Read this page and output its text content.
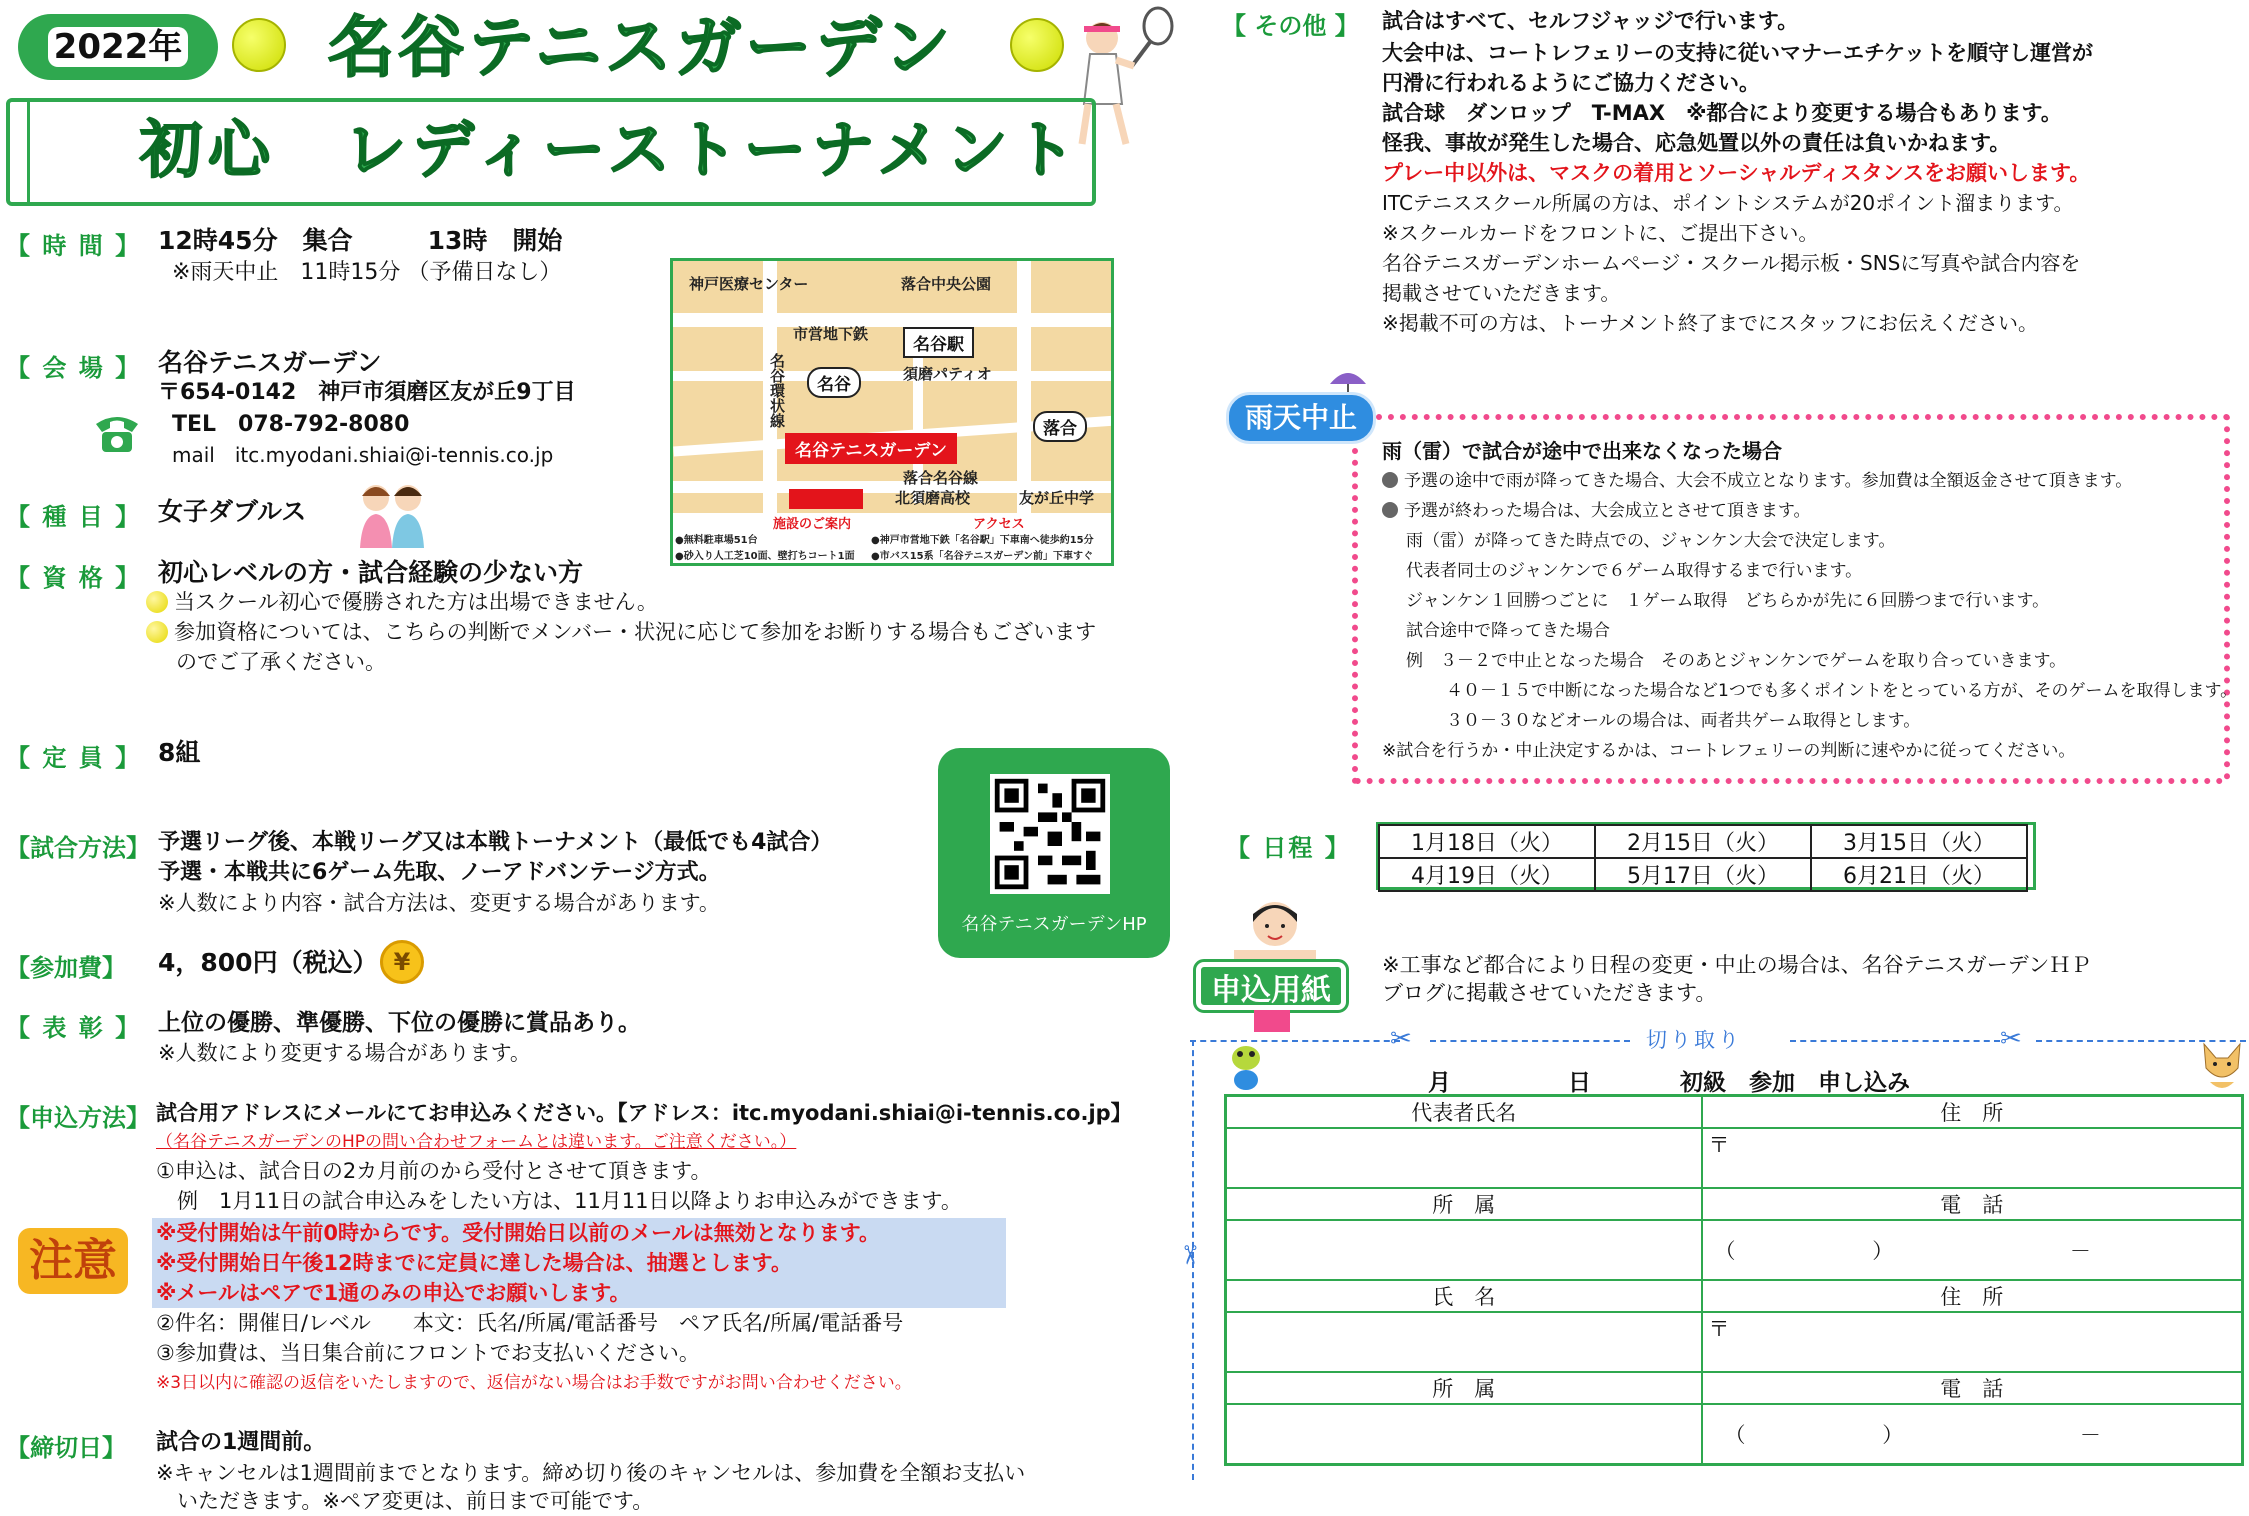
2022年	名谷テニスガーデン
初心　レディーストーナメント
【 時 間 】 12時45分　集合　　　13時　開始
※雨天中止　11時15分 （予備日なし）
【 会 場 】 名谷テニスガーデン
〒654-0142　神戸市須磨区友が丘9丁目
TEL　078-792-8080
mail　itc.myodani.shiai@i-tennis.co.jp
【 種 目 】 女子ダブルス
【 資 格 】 初心レベルの方・試合経験の少ない方
当スクール初心で優勝された方は出場できません。
参加資格については、こちらの判断でメンバー・状況に応じて参加をお断りする場合もございます
のでご了承ください。
【 定 員 】 8組
【試合方法】 予選リーグ後、本戦リーグ又は本戦トーナメント（最低でも4試合）
予選・本戦共に6ゲーム先取、ノーアドバンテージ方式。
※人数により内容・試合方法は、変更する場合があります。
【参加費】 4，800円（税込） ¥
【 表 彰 】 上位の優勝、準優勝、下位の優勝に賞品あり。
※人数により変更する場合があります。
【申込方法】 試合用アドレスにメールにてお申込みください。【アドレス：itc.myodani.shiai@i-tennis.co.jp】
（名谷テニスガーデンのHPの問い合わせフォームとは違います。ご注意ください。）
①申込は、試合日の2カ月前のから受付とさせて頂きます。
　例　1月11日の試合申込みをしたい方は、11月11日以降よりお申込みができます。
注意
※受付開始は午前0時からです。受付開始日以前のメールは無効となります。
※受付開始日午後12時までに定員に達した場合は、抽選とします。
※メールはペアで1通のみの申込でお願いします。
②件名：開催日/レベル　　本文：氏名/所属/電話番号　ペア氏名/所属/電話番号
③参加費は、当日集合前にフロントでお支払いください。
※3日以内に確認の返信をいたしますので、返信がない場合はお手数ですがお問い合わせください。
【締切日】 試合の1週間前。
※キャンセルは1週間前までとなります。締め切り後のキャンセルは、参加費を全額お支払い
　いただきます。※ペア変更は、前日まで可能です。
神戸医療センター	落合中央公園
市営地下鉄
名谷駅
名谷
須磨パティオ
名谷環状線
落合
名谷テニスガーデン
落合名谷線
北須磨高校	友が丘中学
施設のご案内	アクセス
●無料駐車場51台
●砂入り人工芝10面、壁打ちコート1面
●神戸市営地下鉄「名谷駅」下車南へ徒歩約15分
●市バス15系「名谷テニスガーデン前」下車すぐ
名谷テニスガーデンHP
【 その他 】 試合はすべて、セルフジャッジで行います。
大会中は、コートレフェリーの支持に従いマナーエチケットを順守し運営が
円滑に行われるようにご協力ください。
試合球　ダンロップ　T-MAX　※都合により変更する場合もあります。
怪我、事故が発生した場合、応急処置以外の責任は負いかねます。
プレー中以外は、マスクの着用とソーシャルディスタンスをお願いします。
ITCテニススクール所属の方は、ポイントシステムが20ポイント溜まります。
※スクールカードをフロントに、ご提出下さい。
名谷テニスガーデンホームページ・スクール掲示板・SNSに写真や試合内容を
掲載させていただきます。
※掲載不可の方は、トーナメント終了までにスタッフにお伝えください。
雨天中止
雨（雷）で試合が途中で出来なくなった場合
予選の途中で雨が降ってきた場合、大会不成立となります。参加費は全額返金させて頂きます。
予選が終わった場合は、大会成立とさせて頂きます。
雨（雷）が降ってきた時点での、ジャンケン大会で決定します。
代表者同士のジャンケンで６ゲーム取得するまで行います。
ジャンケン１回勝つごとに　１ゲーム取得　どちらかが先に６回勝つまで行います。
試合途中で降ってきた場合
例　３－２で中止となった場合　そのあとジャンケンでゲームを取り合っていきます。
４０－１５で中断になった場合など1つでも多くポイントをとっている方が、そのゲームを取得します。
３０－３０などオールの場合は、両者共ゲーム取得とします。
※試合を行うか・中止決定するかは、コートレフェリーの判断に速やかに従ってください。
【 日程 】	1月18日（火）	2月15日（火）	3月15日（火）
4月19日（火）	5月17日（火）	6月21日（火）
申込用紙
※工事など都合により日程の変更・中止の場合は、名谷テニスガーデンＨＰ
ブログに掲載させていただきます。
✂	切り取り	✂
✂
月	日	初級　参加　申し込み
代表者氏名	住　所
	〒
所　属	電　話
	（ ） －
氏　名	住　所
	〒
所　属	電　話
	（ ） －
